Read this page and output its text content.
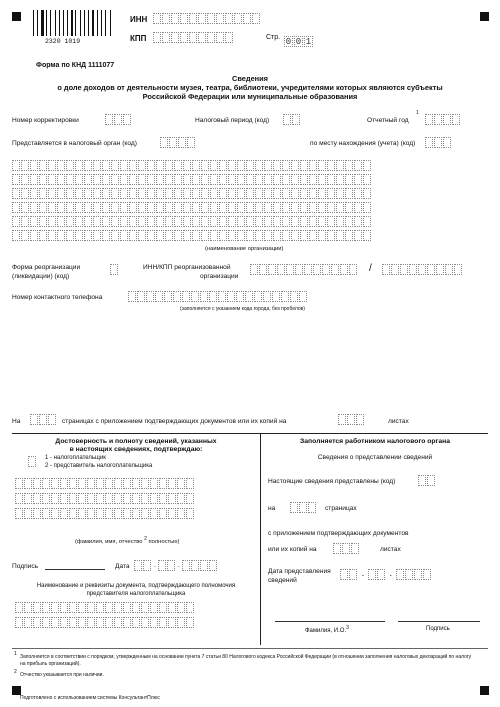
2320 1019
ИНН
КПП	Стр. 0 0 1
Форма по КНД 1111077
Сведения
о доле доходов от деятельности музея, театра, библиотеки, учредителями которых являются субъекты
Российской Федерации или муниципальные образования
Номер корректировки	Налоговый период (код)	Отчетный год
1
Представляется в налоговый орган (код)	по месту нахождения (учета) (код)
(наименование организации)
Форма реорганизации
(ликвидации) (код)
ИНН/КПП реорганизованной
организации
/
Номер контактного телефона
(заполняется с указанием кода города, без пробелов)
На	страницах с приложением подтверждающих документов или их копий на	листах
Достоверность и полноту сведений, указанных
в настоящих сведениях, подтверждаю:
1 - налогоплательщик
2 - представитель налогоплательщика
(фамилия, имя, отчество 2 полностью)
Подпись	Дата	.	.
Наименование и реквизиты документа, подтверждающего полномочия
представителя налогоплательщика
Заполняется работником налогового органа
Сведения о представлении сведений
Настоящие сведения представлены (код)
на	страницах
с приложением подтверждающих документов
или их копий на	листах
Дата представления
сведений
.	.
Фамилия, И.О.$^3$	Подпись
1 Заполняется в соответствии с порядком, утвержденным на основании пункта 7 статьи 80 Налогового кодекса Российской Федерации (в отношении заполнения налоговых деклараций по налогу на прибыль организаций).
2 Отчество указывается при наличии.
Подготовлено с использованием системы КонсультантПлюс
